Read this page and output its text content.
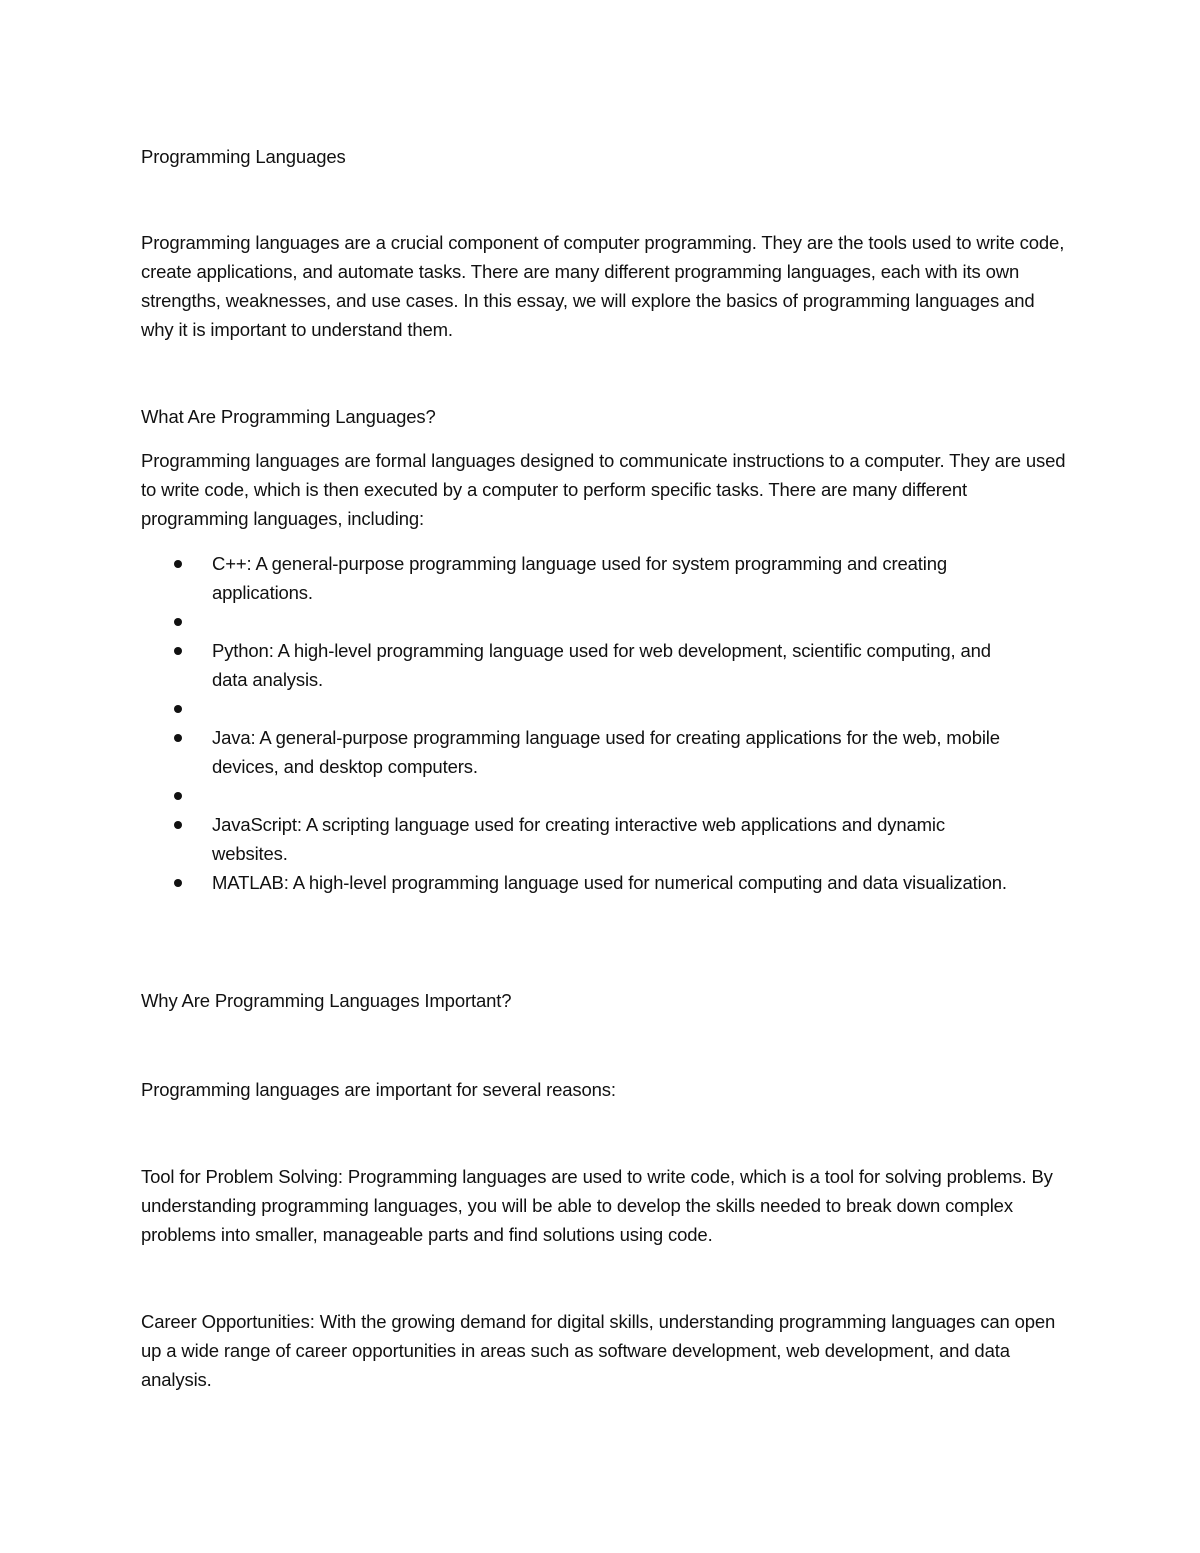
Programming Languages

Programming languages are a crucial component of computer programming. They are the tools used to write code, create applications, and automate tasks. There are many different programming languages, each with its own strengths, weaknesses, and use cases. In this essay, we will explore the basics of programming languages and why it is important to understand them.

What Are Programming Languages?

Programming languages are formal languages designed to communicate instructions to a computer. They are used to write code, which is then executed by a computer to perform specific tasks. There are many different programming languages, including:

C++: A general-purpose programming language used for system programming and creating applications.
Python: A high-level programming language used for web development, scientific computing, and data analysis.
Java: A general-purpose programming language used for creating applications for the web, mobile devices, and desktop computers.
JavaScript: A scripting language used for creating interactive web applications and dynamic websites.
MATLAB: A high-level programming language used for numerical computing and data visualization.

Why Are Programming Languages Important?

Programming languages are important for several reasons:

Tool for Problem Solving: Programming languages are used to write code, which is a tool for solving problems. By understanding programming languages, you will be able to develop the skills needed to break down complex problems into smaller, manageable parts and find solutions using code.

Career Opportunities: With the growing demand for digital skills, understanding programming languages can open up a wide range of career opportunities in areas such as software development, web development, and data analysis.
